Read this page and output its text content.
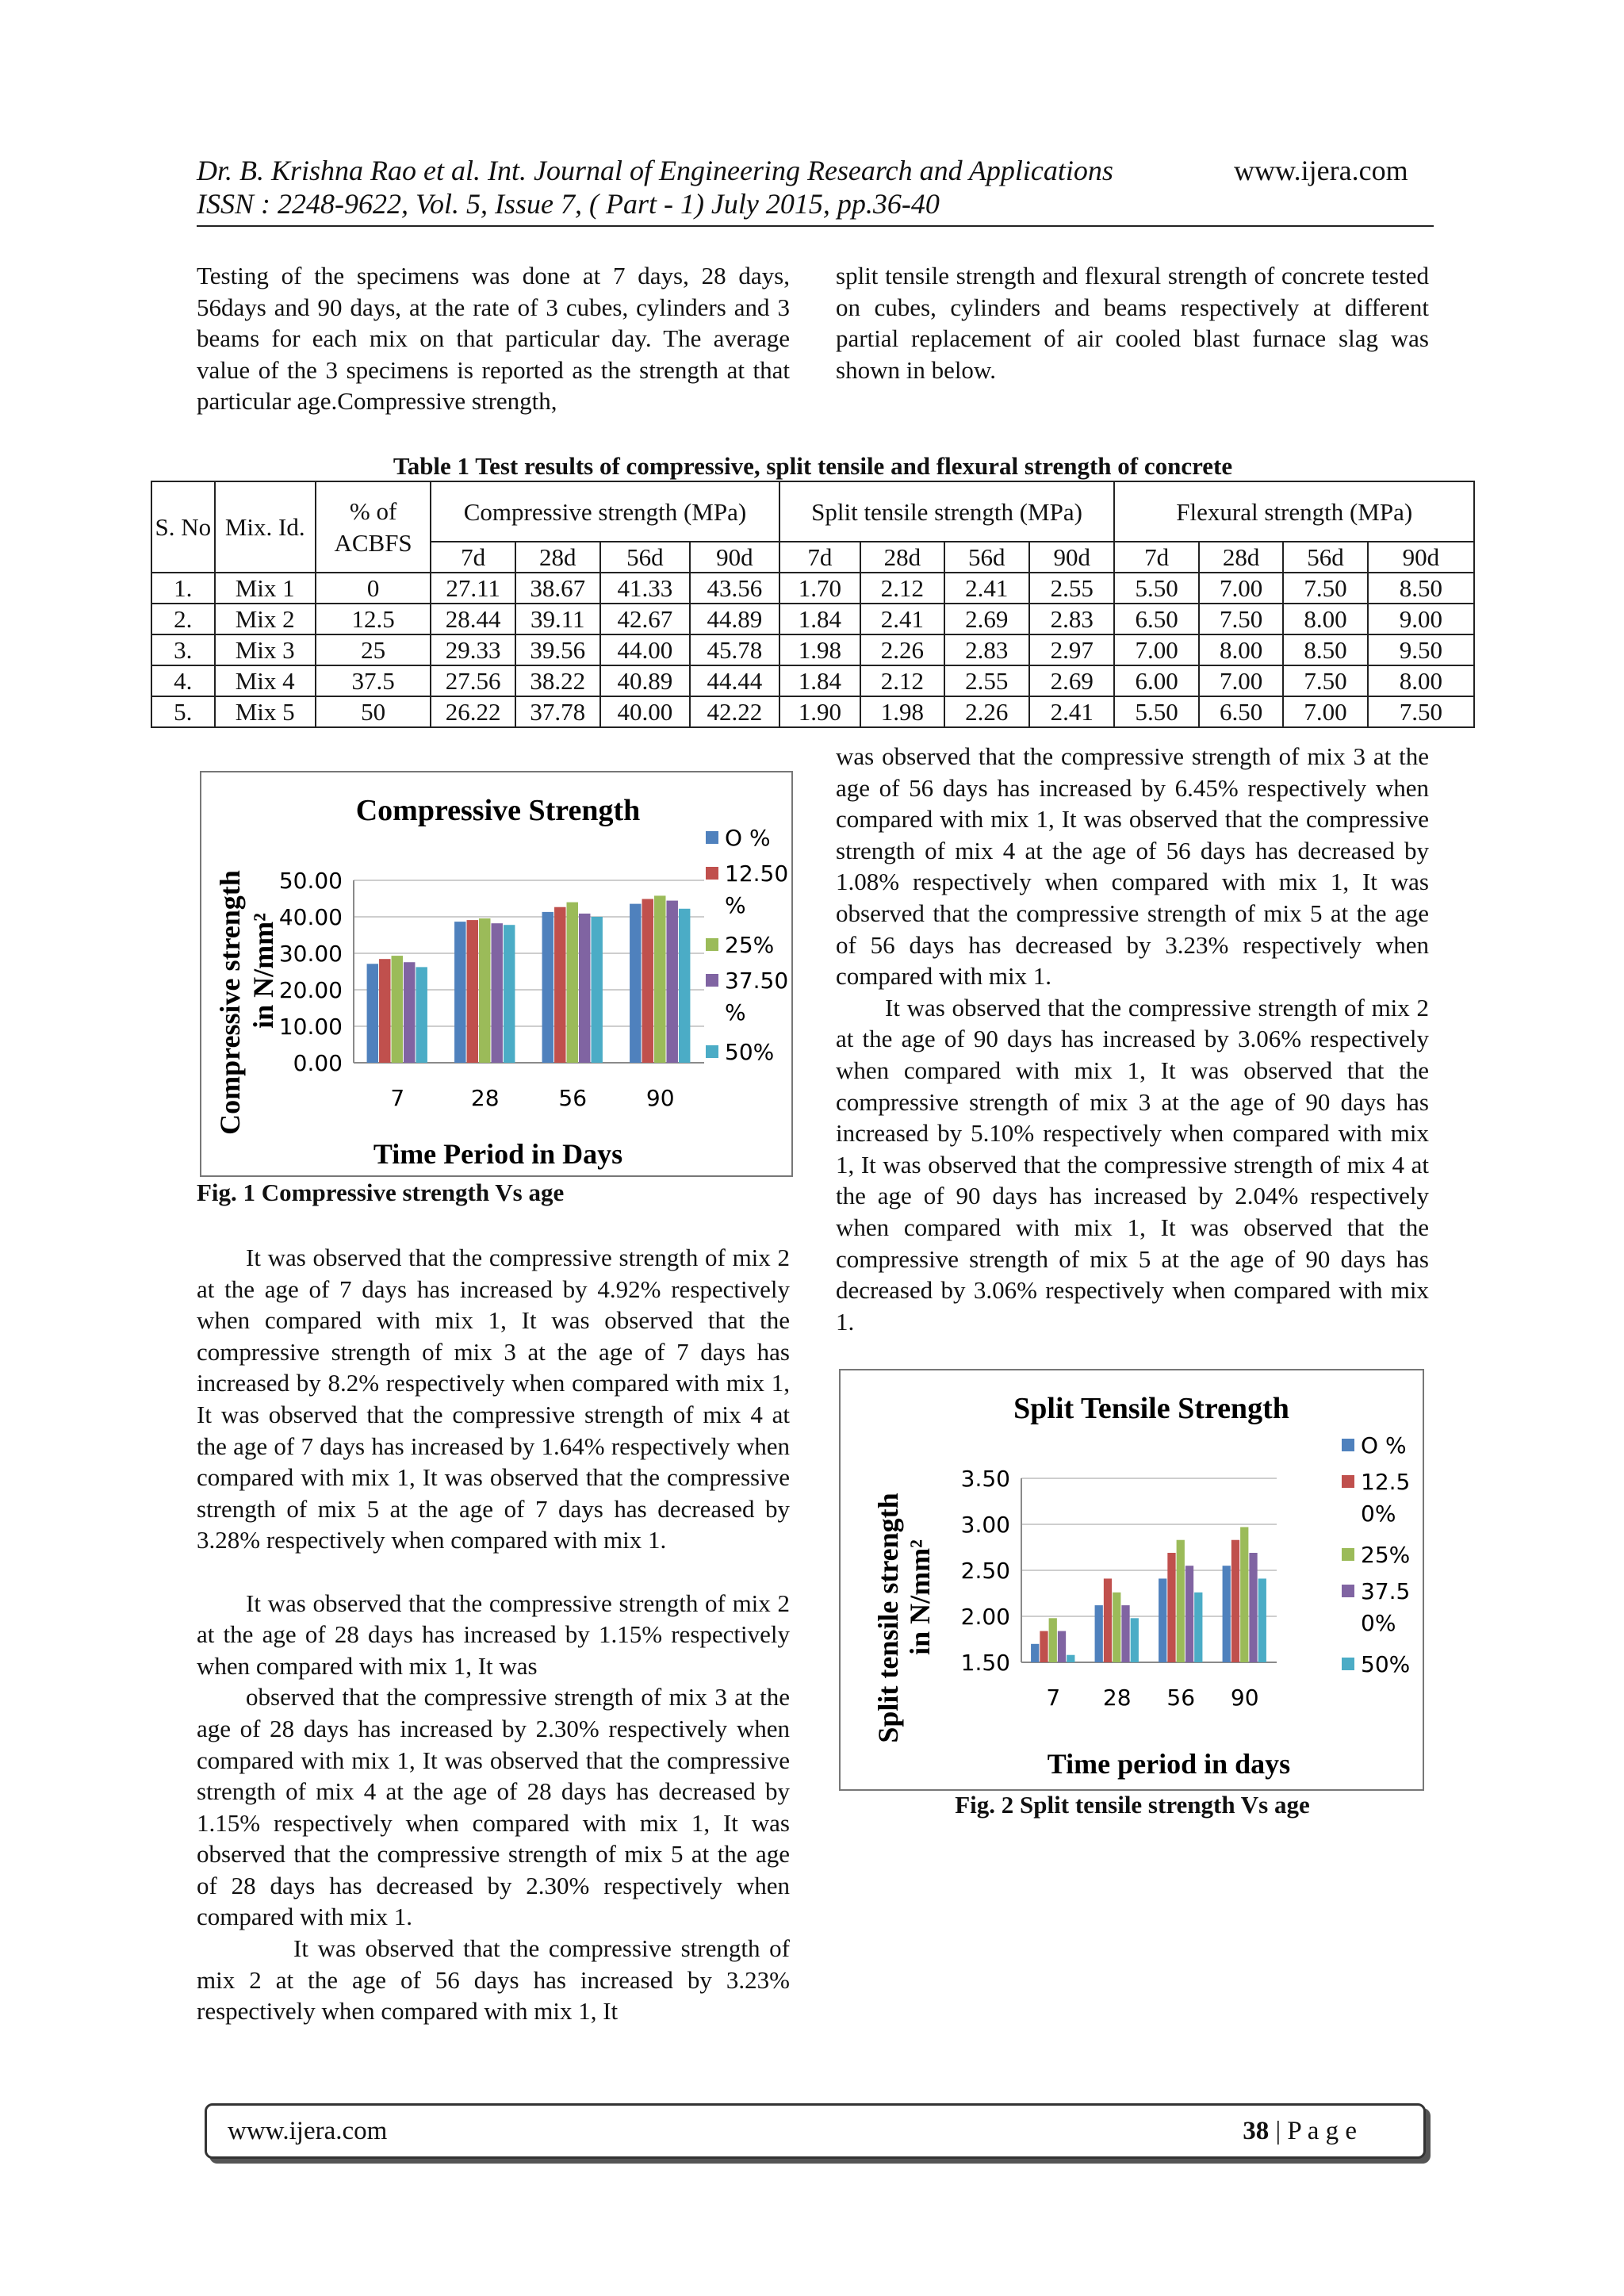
Dr. B. Krishna Rao et al. Int. Journal of Engineering Research and Applications	www.ijera.com
ISSN : 2248-9622, Vol. 5, Issue 7, ( Part - 1) July 2015, pp.36-40

Testing of the specimens was done at 7 days, 28 days, 56days and 90 days, at the rate of 3 cubes, cylinders and 3 beams for each mix on that particular day. The average value of the 3 specimens is reported as the strength at that particular age.Compressive strength,

split tensile strength and flexural strength of concrete tested on cubes, cylinders and beams respectively at different partial replacement of air cooled blast furnace slag was shown in below.

Table 1 Test results of compressive, split tensile and flexural strength of concrete
S. No	Mix. Id.	% of ACBFS	Compressive strength (MPa)				Split tensile strength (MPa)				Flexural strength (MPa)			
			7d	28d	56d	90d	7d	28d	56d	90d	7d	28d	56d	90d
1.	Mix 1	0	27.11	38.67	41.33	43.56	1.70	2.12	2.41	2.55	5.50	7.00	7.50	8.50
2.	Mix 2	12.5	28.44	39.11	42.67	44.89	1.84	2.41	2.69	2.83	6.50	7.50	8.00	9.00
3.	Mix 3	25	29.33	39.56	44.00	45.78	1.98	2.26	2.83	2.97	7.00	8.00	8.50	9.50
4.	Mix 4	37.5	27.56	38.22	40.89	44.44	1.84	2.12	2.55	2.69	6.00	7.00	7.50	8.00
5.	Mix 5	50	26.22	37.78	40.00	42.22	1.90	1.98	2.26	2.41	5.50	6.50	7.00	7.50
Compressive Strength
Compressive strength in N/mm²
Time Period in Days
0.00
10.00
20.00
30.00
40.00
50.00
7	28	56	90
O %
12.50
%
25%
37.50
%
50%
Fig. 1 Compressive strength Vs age

It was observed that the compressive strength of mix 2 at the age of 7 days has increased by 4.92% respectively when compared with mix 1, It was observed that the compressive strength of mix 3 at the age of 7 days has increased by 8.2% respectively when compared with mix 1, It was observed that the compressive strength of mix 4 at the age of 7 days has increased by 1.64% respectively when compared with mix 1, It was observed that the compressive strength of mix 5 at the age of 7 days has decreased by 3.28% respectively when compared with mix 1.

It was observed that the compressive strength of mix 2 at the age of 28 days has increased by 1.15% respectively when compared with mix 1, It was

observed that the compressive strength of mix 3 at the age of 28 days has increased by 2.30% respectively when compared with mix 1, It was observed that the compressive strength of mix 4 at the age of 28 days has decreased by 1.15% respectively when compared with mix 1, It was observed that the compressive strength of mix 5 at the age of 28 days has decreased by 2.30% respectively when compared with mix 1.

It was observed that the compressive strength of mix 2 at the age of 56 days has increased by 3.23% respectively when compared with mix 1, It

was observed that the compressive strength of mix 3 at the age of 56 days has increased by 6.45% respectively when compared with mix 1, It was observed that the compressive strength of mix 4 at the age of 56 days has decreased by 1.08% respectively when compared with mix 1, It was observed that the compressive strength of mix 5 at the age of 56 days has decreased by 3.23% respectively when compared with mix 1.

It was observed that the compressive strength of mix 2 at the age of 90 days has increased by 3.06% respectively when compared with mix 1, It was observed that the compressive strength of mix 3 at the age of 90 days has increased by 5.10% respectively when compared with mix 1, It was observed that the compressive strength of mix 4 at the age of 90 days has increased by 2.04% respectively when compared with mix 1, It was observed that the compressive strength of mix 5 at the age of 90 days has decreased by 3.06% respectively when compared with mix 1.

Split Tensile Strength
Split tensile strength in N/mm²
Time period in days
1.50
2.00
2.50
3.00
3.50
7 28 56 90
O %
12.5
0%
25%
37.5
0%
50%
Fig. 2 Split tensile strength Vs age
www.ijera.com	38 | P a g e
